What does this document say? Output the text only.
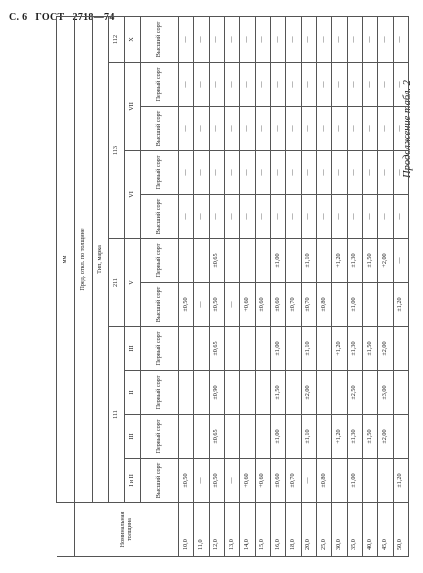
С. 6 ГОСТ 2718—74

Продолжение табл. 2

	мм										
Номинальная толщина	Пред. откл. по толщине										
	Тип, марка										
	111				211		113				112
	I и II	III	II	III	V		VI		VII		X
	Высший сорт	Первый сорт	Первый сорт	Первый сорт	Высший сорт	Первый сорт	Высший сорт	Первый сорт	Высший сорт	Первый сорт	Высший сорт
10,0	±0,50				±0,50		—	—	—	—	—
11,0	—				—		—	—	—	—	—
12,0	±0,50	±0,65	±0,90	±0,65	±0,50	±0,65	—	—	—	—	—
13,0	—				—		—	—	—	—	—
14,0	+0,60				+0,60		—	—	—	—	—
15,0	+0,60				±0,60		—	—	—	—	—
16,0	±0,60	±1,00	±1,50	±1,00	±0,60	±1,00	—	—	—	—	—
18,0	±0,70				±0,70		—	—	—	—	—
20,0	—	±1,10	±2,00	±1,10	±0,70	±1,10	—	—	—	—	—
25,0	±0,80				±0,80		—	—	—	—	—
30,0		+1,20		+1,20		+1,20	—	—	—	—	—
35,0	±1,00	±1,30	±2,50	±1,30	±1,00	±1,30	—	—	—	—	—
40,0		±1,50		±1,50		±1,50	—	—	—	—	—
45,0		±2,00	±3,00	±2,00		+2,00	—	—	—	—	—
50,0	±1,20				±1,20	—	—	—	—	—	—
